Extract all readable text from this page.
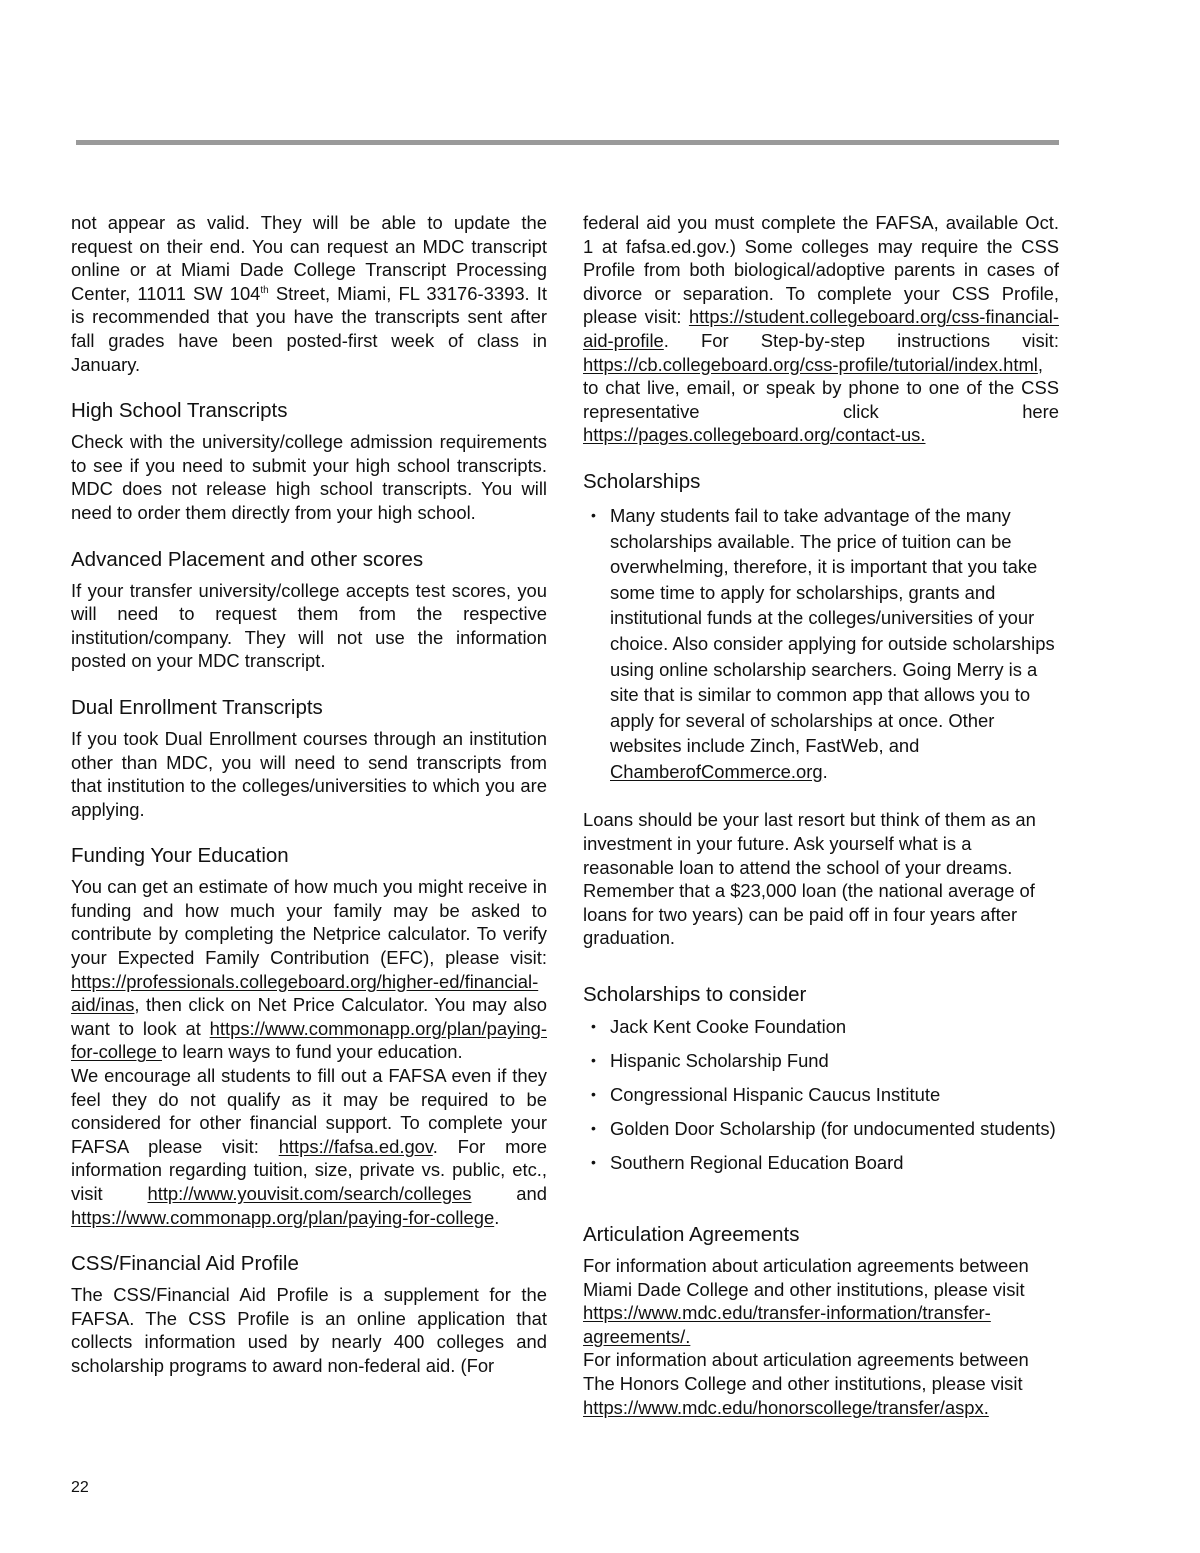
not appear as valid. They will be able to update the request on their end. You can request an MDC transcript online or at Miami Dade College Transcript Processing Center, 11011 SW 104th Street, Miami, FL 33176-3393. It is recommended that you have the transcripts sent after fall grades have been posted-first week of class in January.

High School Transcripts

Check with the university/college admission requirements to see if you need to submit your high school transcripts. MDC does not release high school transcripts. You will need to order them directly from your high school.

Advanced Placement and other scores

If your transfer university/college accepts test scores, you will need to request them from the respective institution/company. They will not use the information posted on your MDC transcript.

Dual Enrollment Transcripts

If you took Dual Enrollment courses through an institution other than MDC, you will need to send transcripts from that institution to the colleges/universities to which you are applying.

Funding Your Education

You can get an estimate of how much you might receive in funding and how much your family may be asked to contribute by completing the Netprice calculator. To verify your Expected Family Contribution (EFC), please visit: https://professionals.collegeboard.org/higher-ed/financial-aid/inas, then click on Net Price Calculator. You may also want to look at https://www.commonapp.org/plan/paying-for-college to learn ways to fund your education.

We encourage all students to fill out a FAFSA even if they feel they do not qualify as it may be required to be considered for other financial support. To complete your FAFSA please visit: https://fafsa.ed.gov. For more information regarding tuition, size, private vs. public, etc., visit http://www.youvisit.com/search/colleges and https://www.commonapp.org/plan/paying-for-college.

CSS/Financial Aid Profile

The CSS/Financial Aid Profile is a supplement for the FAFSA. The CSS Profile is an online application that collects information used by nearly 400 colleges and scholarship programs to award non-federal aid. (For

federal aid you must complete the FAFSA, available Oct. 1 at fafsa.ed.gov.) Some colleges may require the CSS Profile from both biological/adoptive parents in cases of divorce or separation. To complete your CSS Profile, please visit: https://student.collegeboard.org/css-financial-aid-profile. For Step-by-step instructions visit: https://cb.collegeboard.org/css-profile/tutorial/index.html, to chat live, email, or speak by phone to one of the CSS representative click here https://pages.collegeboard.org/contact-us.

Scholarships
• Many students fail to take advantage of the many scholarships available. The price of tuition can be overwhelming, therefore, it is important that you take some time to apply for scholarships, grants and institutional funds at the colleges/universities of your choice. Also consider applying for outside scholarships using online scholarship searchers. Going Merry is a site that is similar to common app that allows you to apply for several of scholarships at once. Other websites include Zinch, FastWeb, and ChamberofCommerce.org.

Loans should be your last resort but think of them as an investment in your future. Ask yourself what is a reasonable loan to attend the school of your dreams. Remember that a $23,000 loan (the national average of loans for two years) can be paid off in four years after graduation.

Scholarships to consider
• Jack Kent Cooke Foundation
• Hispanic Scholarship Fund
• Congressional Hispanic Caucus Institute
• Golden Door Scholarship (for undocumented students)
• Southern Regional Education Board
Articulation Agreements

For information about articulation agreements between Miami Dade College and other institutions, please visit https://www.mdc.edu/transfer-information/transfer-agreements/.

For information about articulation agreements between The Honors College and other institutions, please visit https://www.mdc.edu/honorscollege/transfer/aspx.

22
